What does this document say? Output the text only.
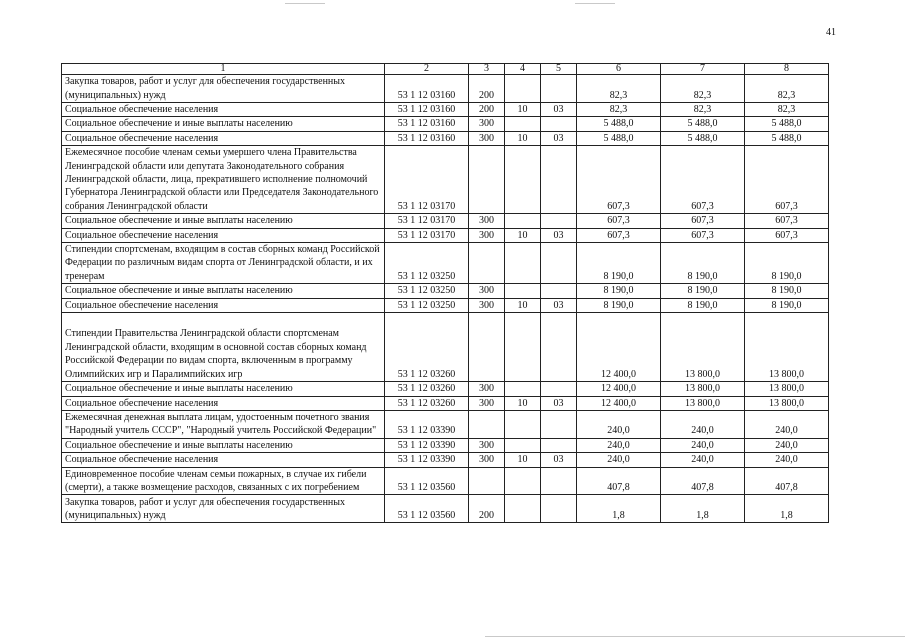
41
1	2	3	4	5	6	7	8
Закупка товаров, работ и услуг для обеспечения государственных (муниципальных) нужд	53 1 12 03160	200			82,3	82,3	82,3
Социальное обеспечение населения	53 1 12 03160	200	10	03	82,3	82,3	82,3
Социальное обеспечение и иные выплаты населению	53 1 12 03160	300			5 488,0	5 488,0	5 488,0
Социальное обеспечение населения	53 1 12 03160	300	10	03	5 488,0	5 488,0	5 488,0
Ежемесячное пособие членам семьи умершего члена Правительства Ленинградской области или депутата Законодательного собрания Ленинградской области, лица, прекратившего исполнение полномочий Губернатора Ленинградской области или Председателя Законодательного собрания Ленинградской области	53 1 12 03170				607,3	607,3	607,3
Социальное обеспечение и иные выплаты населению	53 1 12 03170	300			607,3	607,3	607,3
Социальное обеспечение населения	53 1 12 03170	300	10	03	607,3	607,3	607,3
Стипендии спортсменам, входящим в состав сборных команд Российской Федерации по различным видам спорта от Ленинградской области, и их тренерам	53 1 12 03250				8 190,0	8 190,0	8 190,0
Социальное обеспечение и иные выплаты населению	53 1 12 03250	300			8 190,0	8 190,0	8 190,0
Социальное обеспечение населения	53 1 12 03250	300	10	03	8 190,0	8 190,0	8 190,0
Стипендии Правительства Ленинградской области спортсменам Ленинградской области, входящим в основной состав сборных команд Российской Федерации по видам спорта, включенным в программу Олимпийских игр и Паралимпийских игр	53 1 12 03260				12 400,0	13 800,0	13 800,0
Социальное обеспечение и иные выплаты населению	53 1 12 03260	300			12 400,0	13 800,0	13 800,0
Социальное обеспечение населения	53 1 12 03260	300	10	03	12 400,0	13 800,0	13 800,0
Ежемесячная денежная выплата лицам, удостоенным почетного звания "Народный учитель СССР", "Народный учитель Российской Федерации"	53 1 12 03390				240,0	240,0	240,0
Социальное обеспечение и иные выплаты населению	53 1 12 03390	300			240,0	240,0	240,0
Социальное обеспечение населения	53 1 12 03390	300	10	03	240,0	240,0	240,0
Единовременное пособие членам семьи пожарных, в случае их гибели (смерти), а также возмещение расходов, связанных с их погребением	53 1 12 03560				407,8	407,8	407,8
Закупка товаров, работ и услуг для обеспечения государственных (муниципальных) нужд	53 1 12 03560	200			1,8	1,8	1,8
